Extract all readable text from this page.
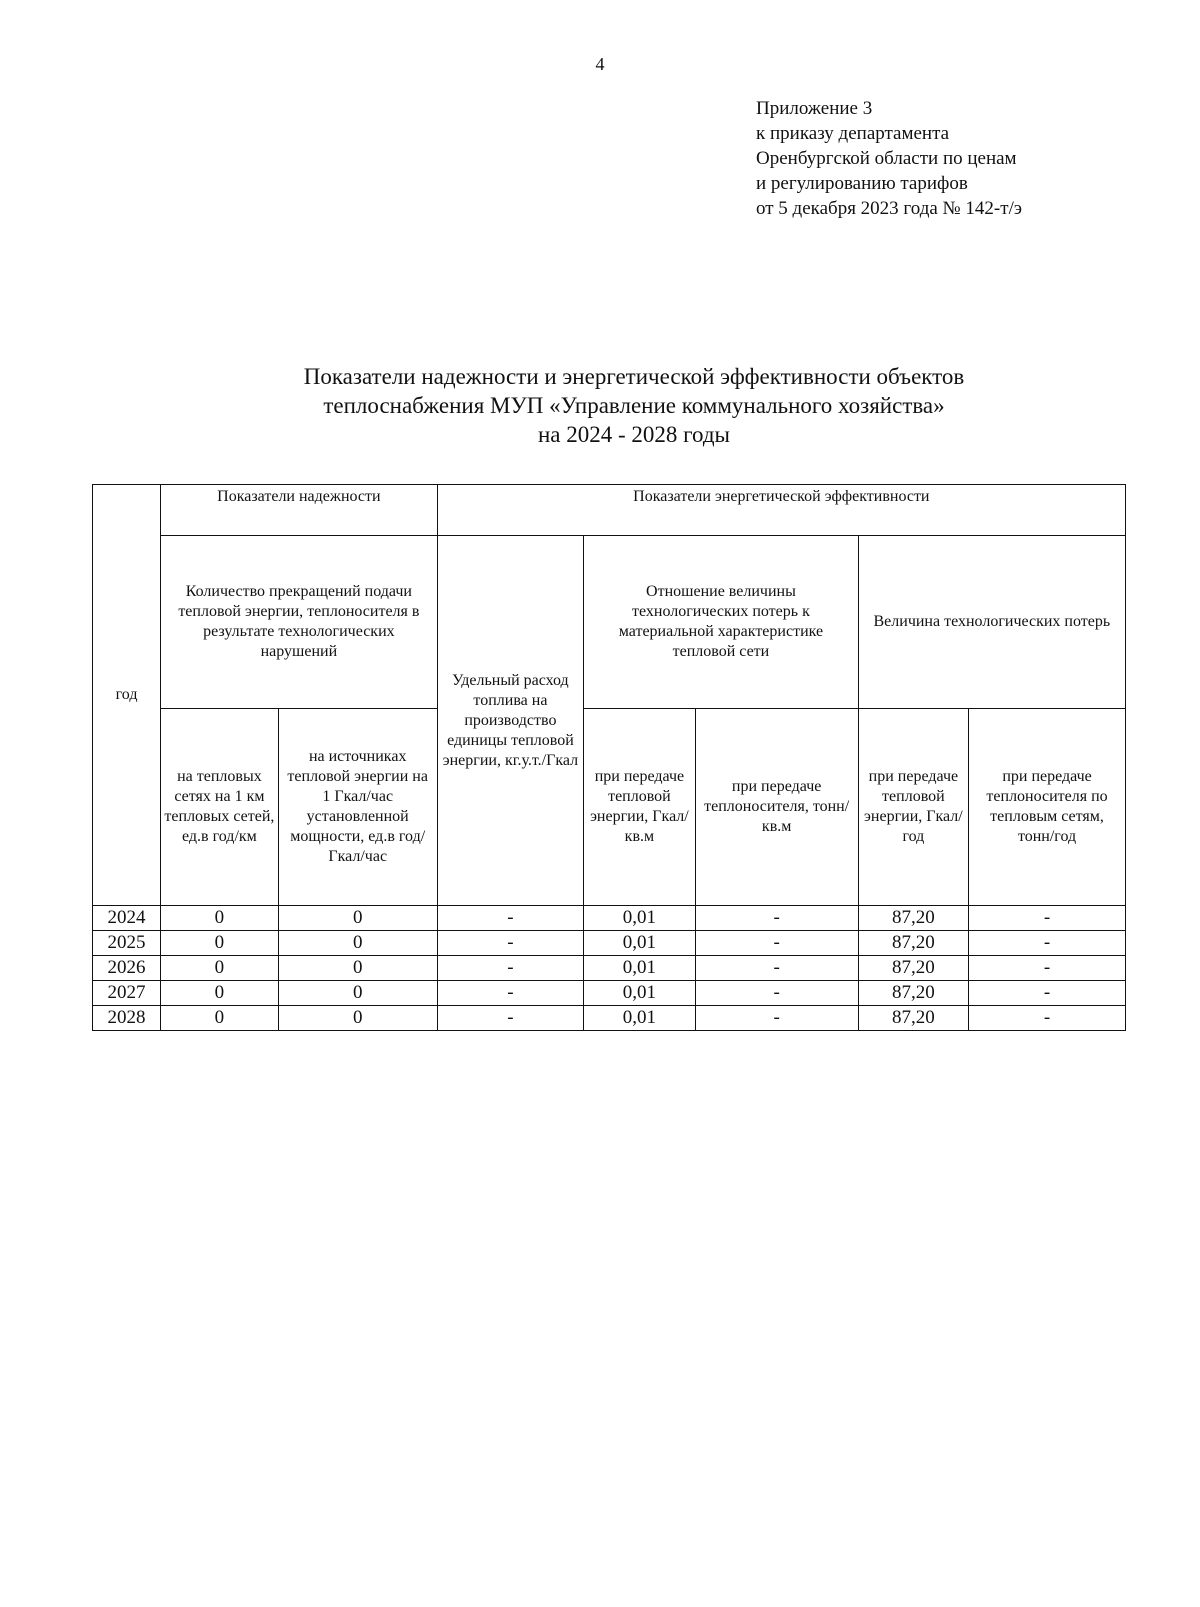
4
Приложение 3
к приказу департамента
Оренбургской области по ценам
и регулированию тарифов
от 5 декабря 2023 года № 142-т/э
Показатели надежности и энергетической эффективности объектов
теплоснабжения МУП «Управление коммунального хозяйства»
на 2024 - 2028 годы
год	Показатели надежности		Показатели энергетической эффективности				
	Количество прекращений подачи тепловой энергии, теплоносителя в результате технологических нарушений		Удельный расход топлива на производство единицы тепловой энергии, кг.у.т./Гкал	Отношение величины технологических потерь к материальной характеристике тепловой сети		Величина технологических потерь	
	на тепловых сетях на 1 км тепловых сетей, ед.в год/км	на источниках тепловой энергии на 1 Гкал/час установленной мощности, ед.в год/Гкал/час		при передаче тепловой энергии, Гкал/кв.м	при передаче теплоносителя, тонн/кв.м	при передаче тепловой энергии, Гкал/год	при передаче теплоносителя по тепловым сетям, тонн/год
2024	0	0	-	0,01	-	87,20	-
2025	0	0	-	0,01	-	87,20	-
2026	0	0	-	0,01	-	87,20	-
2027	0	0	-	0,01	-	87,20	-
2028	0	0	-	0,01	-	87,20	-
